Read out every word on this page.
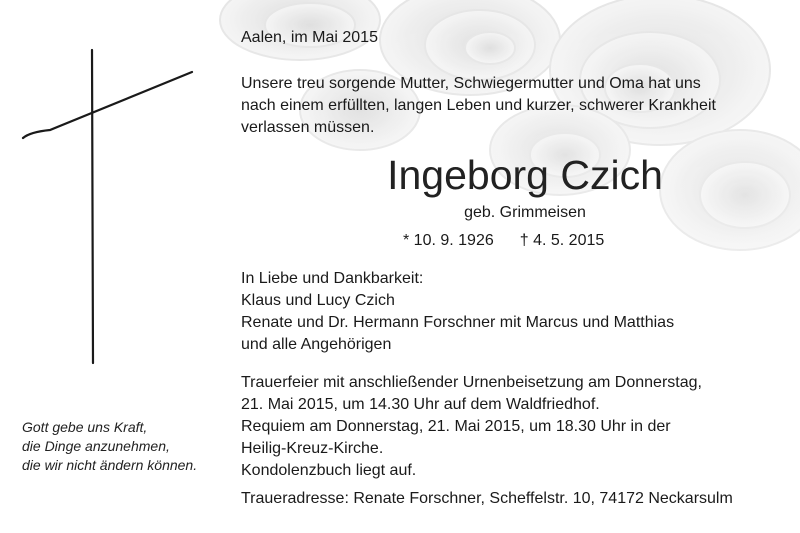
Aalen, im Mai 2015
Unsere treu sorgende Mutter, Schwiegermutter und Oma hat uns
nach einem erfüllten, langen Leben und kurzer, schwerer Krankheit
verlassen müssen.
Ingeborg Czich
geb. Grimmeisen
* 10. 9. 1926 † 4. 5. 2015
In Liebe und Dankbarkeit:
Klaus und Lucy Czich
Renate und Dr. Hermann Forschner mit Marcus und Matthias
und alle Angehörigen
Trauerfeier mit anschließender Urnenbeisetzung am Donnerstag,
21. Mai 2015, um 14.30 Uhr auf dem Waldfriedhof.
Requiem am Donnerstag, 21. Mai 2015, um 18.30 Uhr in der
Heilig-Kreuz-Kirche.
Kondolenzbuch liegt auf.
Traueradresse: Renate Forschner, Scheffelstr. 10, 74172 Neckarsulm
Gott gebe uns Kraft,
die Dinge anzunehmen,
die wir nicht ändern können.
